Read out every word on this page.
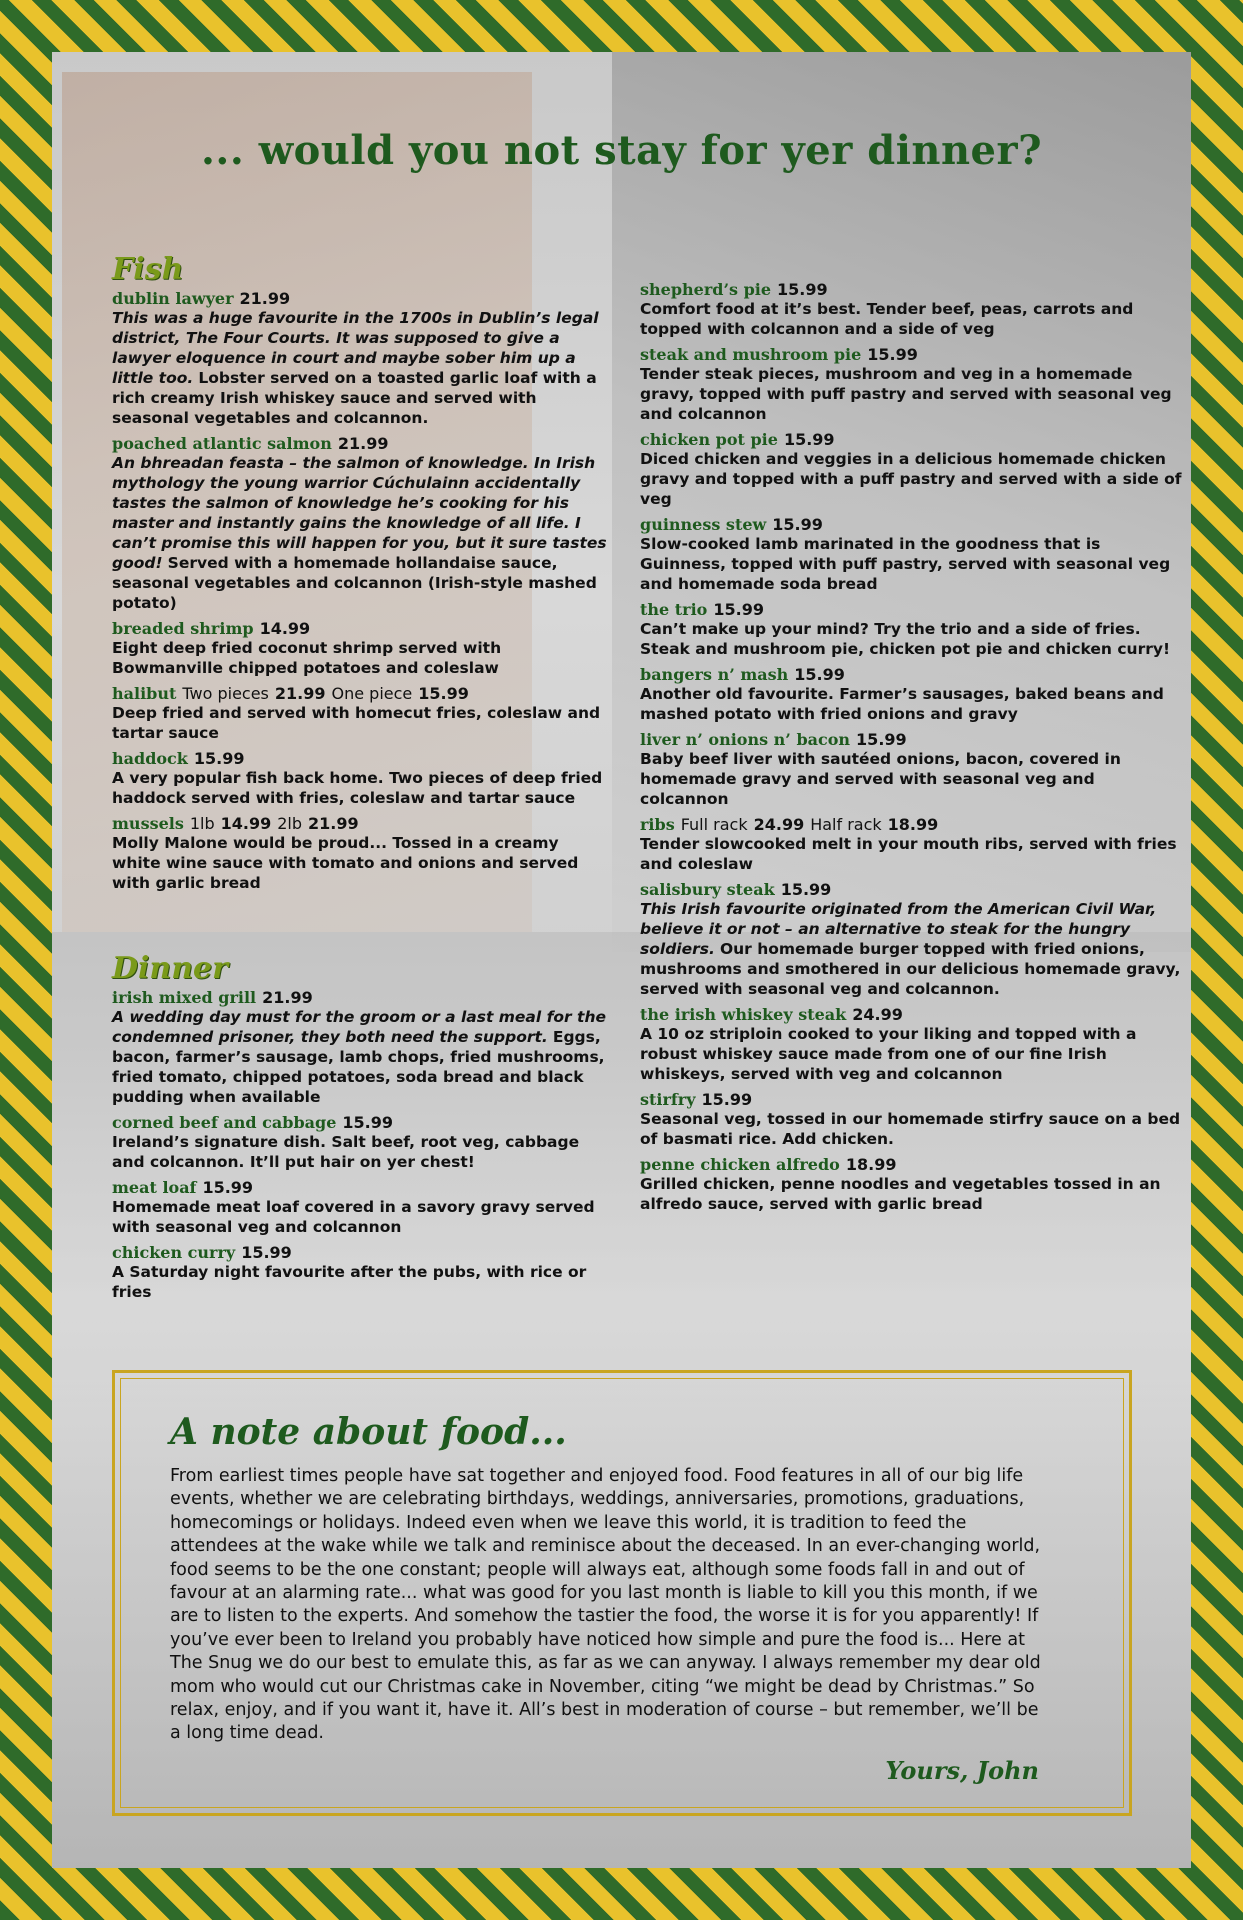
... would you not stay for yer dinner?
Fish
dublin lawyer 21.99
This was a huge favourite in the 1700s in Dublin’s legal district, The Four Courts. It was supposed to give a lawyer eloquence in court and maybe sober him up a little too. Lobster served on a toasted garlic loaf with a rich creamy Irish whiskey sauce and served with seasonal vegetables and colcannon.
poached atlantic salmon 21.99
An bhreadan feasta – the salmon of knowledge. In Irish mythology the young warrior Cúchulainn accidentally tastes the salmon of knowledge he’s cooking for his master and instantly gains the knowledge of all life. I can’t promise this will happen for you, but it sure tastes good! Served with a homemade hollandaise sauce, seasonal vegetables and colcannon (Irish-style mashed potato)
breaded shrimp 14.99
Eight deep fried coconut shrimp served with Bowmanville chipped potatoes and coleslaw
halibut Two pieces 21.99 One piece 15.99
Deep fried and served with homecut fries, coleslaw and tartar sauce
haddock 15.99
A very popular fish back home. Two pieces of deep fried haddock served with fries, coleslaw and tartar sauce
mussels 1lb 14.99 2lb 21.99
Molly Malone would be proud... Tossed in a creamy white wine sauce with tomato and onions and served with garlic bread
Dinner
irish mixed grill 21.99
A wedding day must for the groom or a last meal for the condemned prisoner, they both need the support. Eggs, bacon, farmer’s sausage, lamb chops, fried mushrooms, fried tomato, chipped potatoes, soda bread and black pudding when available
corned beef and cabbage 15.99
Ireland’s signature dish. Salt beef, root veg, cabbage and colcannon. It’ll put hair on yer chest!
meat loaf 15.99
Homemade meat loaf covered in a savory gravy served with seasonal veg and colcannon
chicken curry 15.99
A Saturday night favourite after the pubs, with rice or fries
shepherd’s pie 15.99
Comfort food at it’s best. Tender beef, peas, carrots and topped with colcannon and a side of veg
steak and mushroom pie 15.99
Tender steak pieces, mushroom and veg in a homemade gravy, topped with puff pastry and served with seasonal veg and colcannon
chicken pot pie 15.99
Diced chicken and veggies in a delicious homemade chicken gravy and topped with a puff pastry and served with a side of veg
guinness stew 15.99
Slow-cooked lamb marinated in the goodness that is Guinness, topped with puff pastry, served with seasonal veg and homemade soda bread
the trio 15.99
Can’t make up your mind? Try the trio and a side of fries. Steak and mushroom pie, chicken pot pie and chicken curry!
bangers n’ mash 15.99
Another old favourite. Farmer’s sausages, baked beans and mashed potato with fried onions and gravy
liver n’ onions n’ bacon 15.99
Baby beef liver with sautéed onions, bacon, covered in homemade gravy and served with seasonal veg and colcannon
ribs Full rack 24.99 Half rack 18.99
Tender slowcooked melt in your mouth ribs, served with fries and coleslaw
salisbury steak 15.99
This Irish favourite originated from the American Civil War, believe it or not – an alternative to steak for the hungry soldiers. Our homemade burger topped with fried onions, mushrooms and smothered in our delicious homemade gravy, served with seasonal veg and colcannon.
the irish whiskey steak 24.99
A 10 oz striploin cooked to your liking and topped with a robust whiskey sauce made from one of our fine Irish whiskeys, served with veg and colcannon
stirfry 15.99
Seasonal veg, tossed in our homemade stirfry sauce on a bed of basmati rice. Add chicken.
penne chicken alfredo 18.99
Grilled chicken, penne noodles and vegetables tossed in an alfredo sauce, served with garlic bread
A note about food...
From earliest times people have sat together and enjoyed food. Food features in all of our big life events, whether we are celebrating birthdays, weddings, anniversaries, promotions, graduations, homecomings or holidays. Indeed even when we leave this world, it is tradition to feed the attendees at the wake while we talk and reminisce about the deceased. In an ever-changing world, food seems to be the one constant; people will always eat, although some foods fall in and out of favour at an alarming rate... what was good for you last month is liable to kill you this month, if we are to listen to the experts. And somehow the tastier the food, the worse it is for you apparently! If you’ve ever been to Ireland you probably have noticed how simple and pure the food is... Here at The Snug we do our best to emulate this, as far as we can anyway. I always remember my dear old mom who would cut our Christmas cake in November, citing “we might be dead by Christmas.” So relax, enjoy, and if you want it, have it. All’s best in moderation of course – but remember, we’ll be a long time dead.
Yours, John
